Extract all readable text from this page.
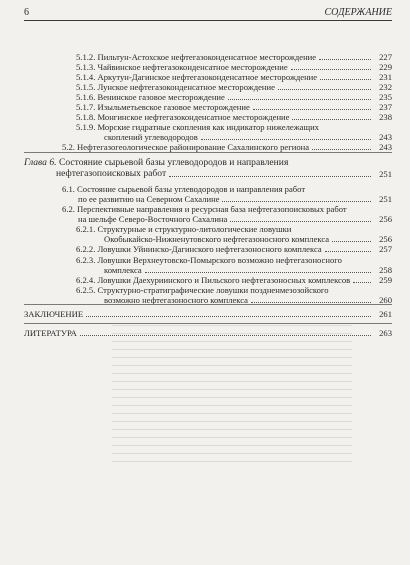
6	СОДЕРЖАНИЕ
5.1.2. Пильтун-Астохское нефтегазоконденсатное месторождение	227
5.1.3. Чайвинское нефтегазоконденсатное месторождение	229
5.1.4. Аркутун-Дагинское нефтегазоконденсатное месторождение	231
5.1.5. Лунское нефтегазоконденсатное месторождение	232
5.1.6. Венинское газовое месторождение	235
5.1.7. Изыльметьевское газовое месторождение	237
5.1.8. Монгинское нефтегазоконденсатное месторождение	238
5.1.9. Морские гидратные скопления как индикатор нижележащих
скоплений углеводородов	243
5.2. Нефтегазогеологическое районирование Сахалинского региона	243
Глава 6. Состояние сырьевой базы углеводородов и направления
нефтегазопоисковых работ	251
6.1. Состояние сырьевой базы углеводородов и направления работ
по ее развитию на Северном Сахалине	251
6.2. Перспективные направления и ресурсная база нефтегазопоисковых работ
на шельфе Северо-Восточного Сахалина	256
6.2.1. Структурные и структурно-литологические ловушки
Окобыкайско-Нижненутовского нефтегазоносного комплекса	256
6.2.2. Ловушки Уйнинско-Дагинского нефтегазоносного комплекса	257
6.2.3. Ловушки Верхнеутовско-Помырского возможно нефтегазоносного
комплекса	258
6.2.4. Ловушки Даехуриинского и Пильского нефтегазоносных комплексов	259
6.2.5. Структурно-стратиграфические ловушки поздненмезозойского
возможно нефтегазоносного комплекса	260
ЗАКЛЮЧЕНИЕ	261
ЛИТЕРАТУРА	263
